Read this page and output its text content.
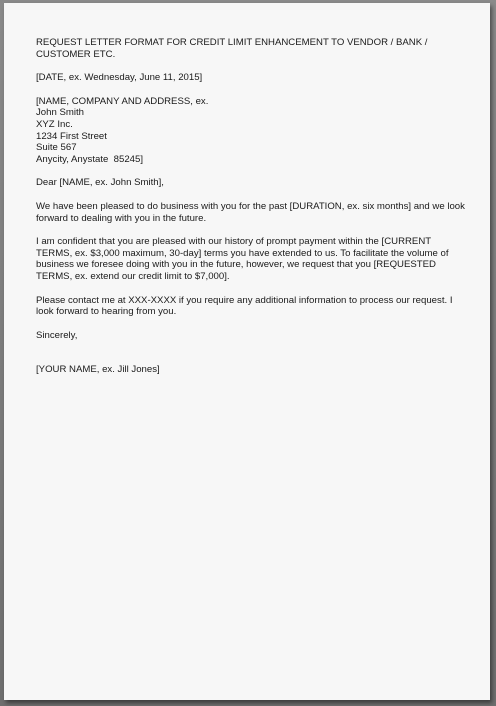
REQUEST LETTER FORMAT FOR CREDIT LIMIT ENHANCEMENT TO VENDOR / BANK / CUSTOMER ETC.

[DATE, ex. Wednesday, June 11, 2015]

[NAME, COMPANY AND ADDRESS, ex.
John Smith
XYZ Inc.
1234 First Street
Suite 567
Anycity, Anystate  85245]

Dear [NAME, ex. John Smith],

We have been pleased to do business with you for the past [DURATION, ex. six months] and we look forward to dealing with you in the future.

I am confident that you are pleased with our history of prompt payment within the [CURRENT TERMS, ex. $3,000 maximum, 30-day] terms you have extended to us. To facilitate the volume of business we foresee doing with you in the future, however, we request that you [REQUESTED TERMS, ex. extend our credit limit to $7,000].

Please contact me at XXX-XXXX if you require any additional information to process our request. I look forward to hearing from you.

Sincerely,

[YOUR NAME, ex. Jill Jones]
